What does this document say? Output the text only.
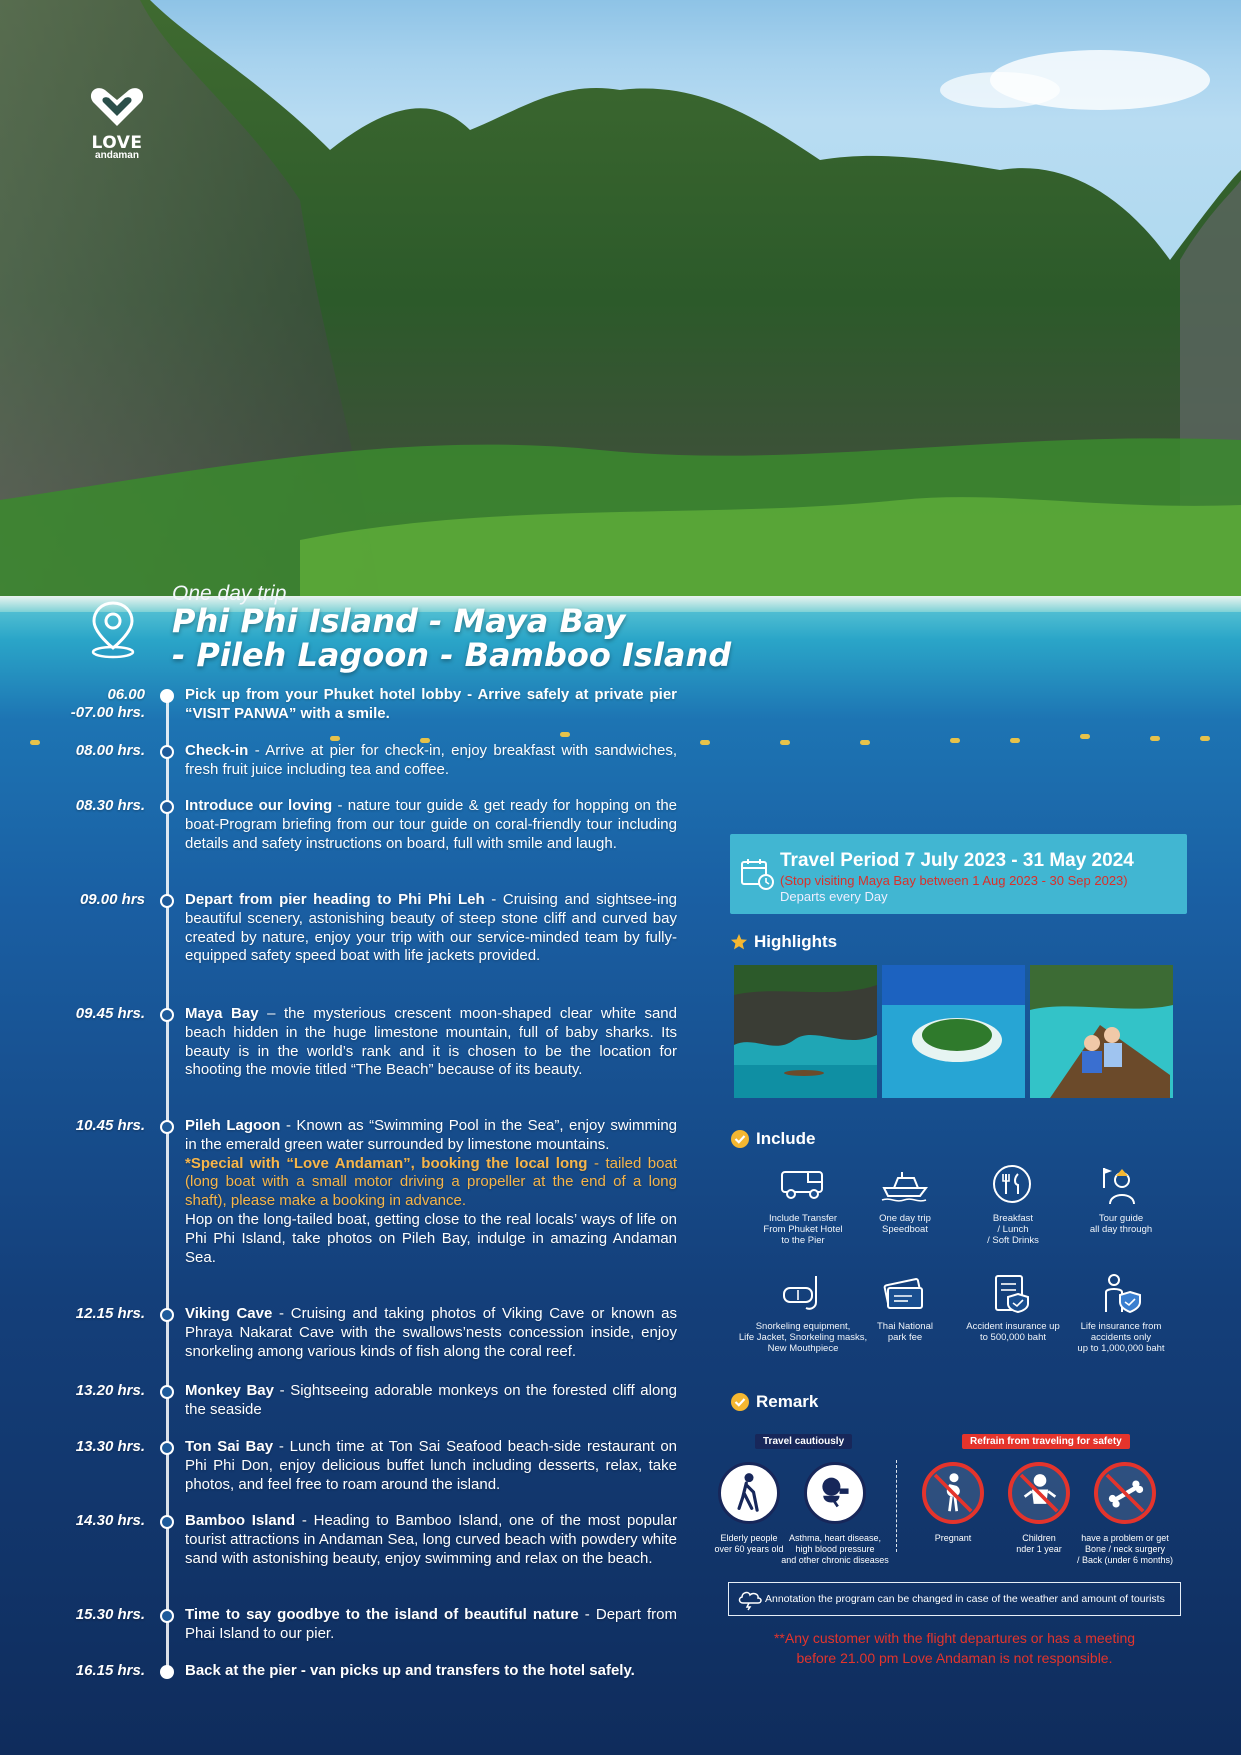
LOVE
andaman
One day trip
Phi Phi Island - Maya Bay
- Pileh Lagoon - Bamboo Island
06.00
-07.00 hrs.
Pick up from your Phuket hotel lobby - Arrive safely at private pier “VISIT PANWA” with a smile.
08.00 hrs.	Check-in - Arrive at pier for check-in, enjoy breakfast with sandwiches, fresh fruit juice including tea and coffee.
08.30 hrs.	Introduce our loving - nature tour guide & get ready for hopping on the boat-Program briefing from our tour guide on coral-friendly tour including details and safety instructions on board, full with smile and laugh.
09.00 hrs	Depart from pier heading to Phi Phi Leh - Cruising and sightsee-ing beautiful scenery, astonishing beauty of steep stone cliff and curved bay created by nature, enjoy your trip with our service-minded team by fully-equipped safety speed boat with life jackets provided.
09.45 hrs.	Maya Bay – the mysterious crescent moon-shaped clear white sand beach hidden in the huge limestone mountain, full of baby sharks. Its beauty is in the world’s rank and it is chosen to be the location for shooting the movie titled “The Beach” because of its beauty.
10.45 hrs.	Pileh Lagoon - Known as “Swimming Pool in the Sea”, enjoy swimming in the emerald green water surrounded by limestone mountains.
*Special with “Love Andaman”, booking the local long - tailed boat (long boat with a small motor driving a propeller at the end of a long shaft), please make a booking in advance.
Hop on the long-tailed boat, getting close to the real locals’ ways of life on Phi Phi Island, take photos on Pileh Bay, indulge in amazing Andaman Sea.
12.15 hrs.	Viking Cave - Cruising and taking photos of Viking Cave or known as Phraya Nakarat Cave with the swallows’nests concession inside, enjoy snorkeling among various kinds of fish along the coral reef.
13.20 hrs.	Monkey Bay - Sightseeing adorable monkeys on the forested cliff along the seaside
13.30 hrs.	Ton Sai Bay - Lunch time at Ton Sai Seafood beach-side restaurant on Phi Phi Don, enjoy delicious buffet lunch including desserts, relax, take photos, and feel free to roam around the island.
14.30 hrs.	Bamboo Island - Heading to Bamboo Island, one of the most popular tourist attractions in Andaman Sea, long curved beach with powdery white sand with astonishing beauty, enjoy swimming and relax on the beach.
15.30 hrs.	Time to say goodbye to the island of beautiful nature - Depart from Phai Island to our pier.
16.15 hrs.	Back at the pier - van picks up and transfers to the hotel safely.
Travel Period 7 July 2023 - 31 May 2024
(Stop visiting Maya Bay between 1 Aug 2023 - 30 Sep 2023)
Departs every Day
Highlights
Include
Include Transfer
From Phuket Hotel
to the Pier
One day trip
Speedboat
Breakfast
/ Lunch
/ Soft Drinks
Tour guide
all day through
Snorkeling equipment,
Life Jacket, Snorkeling masks,
New Mouthpiece
Thai National
park fee
Accident insurance up
to 500,000 baht
Life insurance from
accidents only
up to 1,000,000 baht
Remark
Travel cautiously	Refrain from traveling for safety
Elderly people
over 60 years old
Asthma, heart disease,
high blood pressure
and other chronic diseases
Pregnant	Children
nder 1 year
have a problem or get
Bone / neck surgery
/ Back (under 6 months)
Annotation the program can be changed in case of the weather and amount of tourists
**Any customer with the flight departures or has a meeting
before 21.00 pm Love Andaman is not responsible.
